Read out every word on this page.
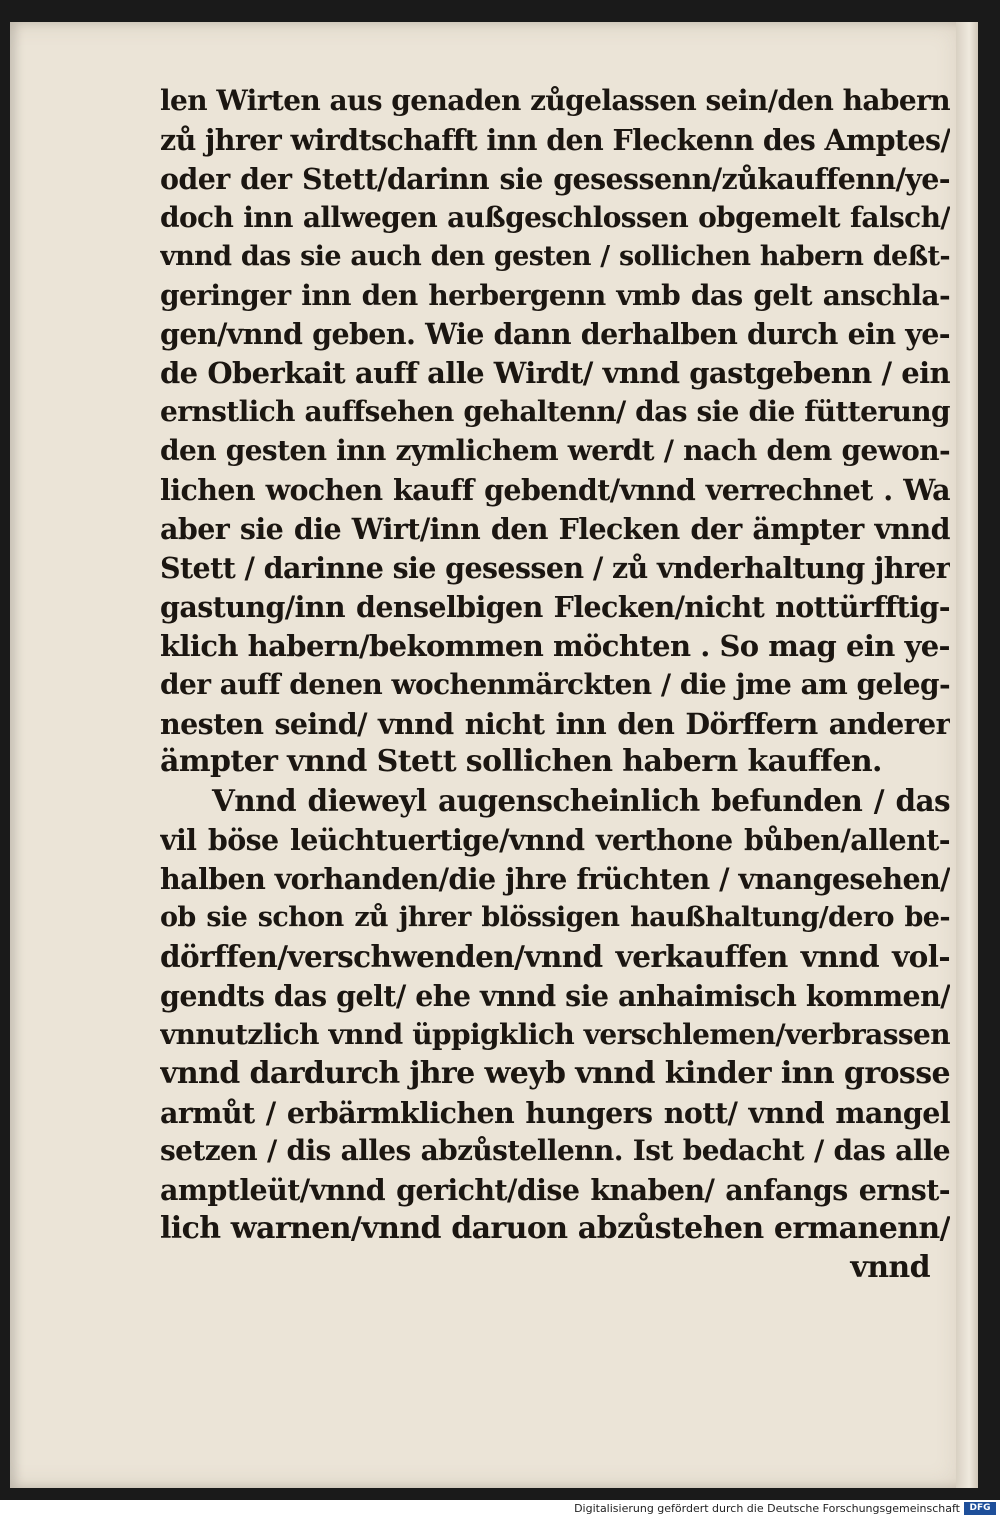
len Wirten aus genaden zůgelassen sein/den habern
zů jhrer wirdtschafft inn den Fleckenn des Amptes/
oder der Stett/darinn sie gesessenn/zůkauffenn/ye-
doch inn allwegen außgeschlossen obgemelt falsch/
vnnd das sie auch den gesten / sollichen habern deßt-
geringer inn den herbergenn vmb das gelt anschla-
gen/vnnd geben. Wie dann derhalben durch ein ye-
de Oberkait auff alle Wirdt/ vnnd gastgebenn / ein
ernstlich auffsehen gehaltenn/ das sie die fütterung
den gesten inn zymlichem werdt / nach dem gewon-
lichen wochen kauff gebendt/vnnd verrechnet . Wa
aber sie die Wirt/inn den Flecken der ämpter vnnd
Stett / darinne sie gesessen / zů vnderhaltung jhrer
gastung/inn denselbigen Flecken/nicht nottürfftig-
klich habern/bekommen möchten . So mag ein ye-
der auff denen wochenmärckten / die jme am geleg-
nesten seind/ vnnd nicht inn den Dörffern anderer
ämpter vnnd Stett sollichen habern kauffen.
Vnnd dieweyl augenscheinlich befunden / das
vil böse leüchtuertige/vnnd verthone bůben/allent-
halben vorhanden/die jhre früchten / vnangesehen/
ob sie schon zů jhrer blössigen haußhaltung/dero be-
dörffen/verschwenden/vnnd verkauffen vnnd vol-
gendts das gelt/ ehe vnnd sie anhaimisch kommen/
vnnutzlich vnnd üppigklich verschlemen/verbrassen
vnnd dardurch jhre weyb vnnd kinder inn grosse
armůt / erbärmklichen hungers nott/ vnnd mangel
setzen / dis alles abzůstellenn. Ist bedacht / das alle
amptleüt/vnnd gericht/dise knaben/ anfangs ernst-
lich warnen/vnnd daruon abzůstehen ermanenn/
vnnd
Digitalisierung gefördert durch die Deutsche Forschungsgemeinschaft	DFG
